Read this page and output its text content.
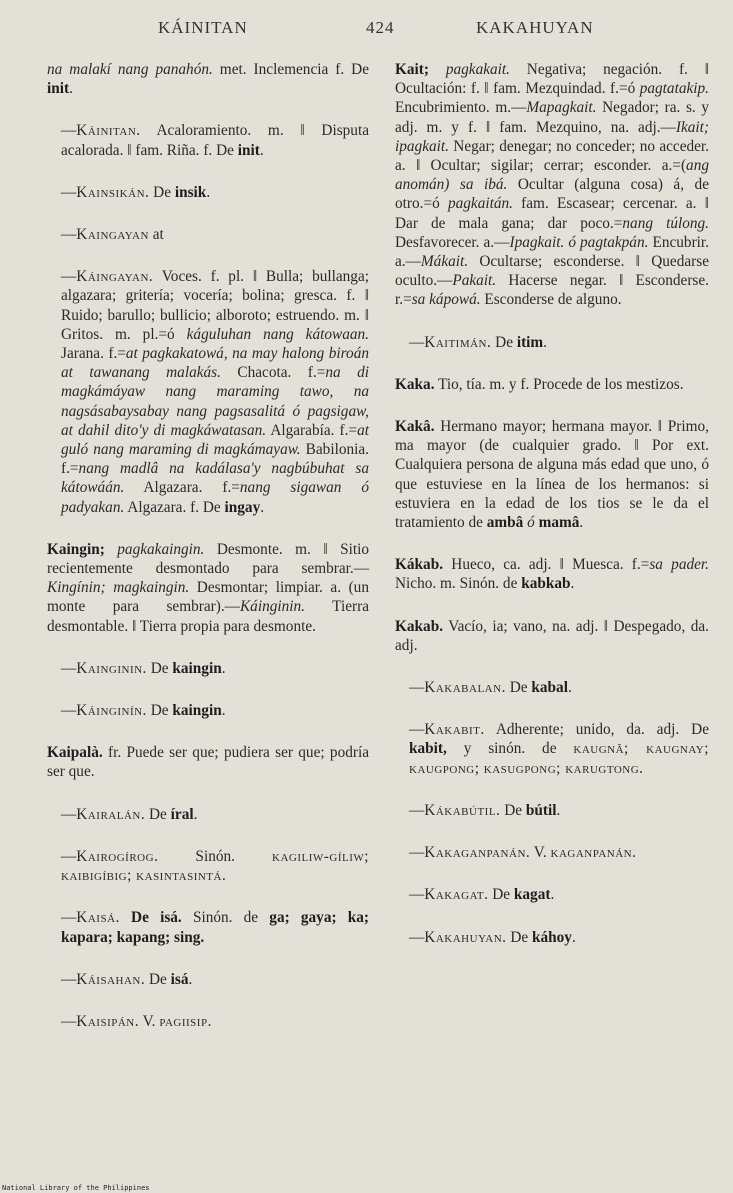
KÁINITAN	424	KAKAHUYAN

na malakí nang panahón. met. Inclemencia f. De init.

—Káinitan. Acaloramiento. m. ‖ Disputa acalorada. ‖ fam. Riña. f. De init.

—Kainsikán. De insik.

—Kaingayan at

—Káingayan. Voces. f. pl. ‖ Bulla; bullanga; algazara; gritería; vocería; bolina; gresca. f. ‖ Ruido; barullo; bullicio; alboroto; estruendo. m. ‖ Gritos. m. pl.=ó káguluhan nang kátowaan. Jarana. f.=at pagkakatowá, na may halong biroán at tawanang malakás. Chacota. f.=na di magkámáyaw nang maraming tawo, na nagsásabaysabay nang pagsasalitá ó pagsigaw, at dahil dito'y di magkáwatasan. Algarabía. f.=at guló nang maraming di magkámayaw. Babilonia. f.=nang madlâ na kadálasa'y nagbúbuhat sa kátowáán. Algazara. f.=nang sigawan ó padyakan. Algazara. f. De ingay.

Kaingin; pagkakaingin. Desmonte. m. ‖ Sitio recientemente desmontado para sembrar.—Kingínin; magkaingin. Desmontar; limpiar. a. (un monte para sembrar).—Káinginin. Tierra desmontable. ‖ Tierra propia para desmonte.

—Kainginin. De kaingin.

—Káinginín. De kaingin.

Kaipalà. fr. Puede ser que; pudiera ser que; podría ser que.

—Kairalán. De íral.

—Kairogírog. Sinón. kagiliw-gíliw; kaibigíbig; kasintasintá.

—Kaisá. De isá. Sinón. de ga; gaya; ka; kapara; kapang; sing.

—Káisahan. De isá.

—Kaisipán. V. pagiisip.

Kait; pagkakait. Negativa; negación. f. ‖ Ocultación: f. ‖ fam. Mezquindad. f.=ó pagtatakip. Encubrimiento. m.—Mapagkait. Negador; ra. s. y adj. m. y f. ‖ fam. Mezquino, na. adj.—Ikait; ipagkait. Negar; denegar; no conceder; no acceder. a. ‖ Ocultar; sigilar; cerrar; esconder. a.=(ang anomán) sa ibá. Ocultar (alguna cosa) á, de otro.=ó pagkaitán. fam. Escasear; cercenar. a. ‖ Dar de mala gana; dar poco.=nang túlong. Desfavorecer. a.—Ipagkait. ó pagtakpán. Encubrir. a.—Mákait. Ocultarse; esconderse. ‖ Quedarse oculto.—Pakait. Hacerse negar. ‖ Esconderse. r.=sa kápowá. Esconderse de alguno.

—Kaitimán. De itim.

Kaka. Tio, tía. m. y f. Procede de los mestizos.

Kakâ. Hermano mayor; hermana mayor. ‖ Primo, ma mayor (de cualquier grado. ‖ Por ext. Cualquiera persona de alguna más edad que uno, ó que estuviese en la línea de los hermanos: si estuviera en la edad de los tios se le da el tratamiento de ambâ ó mamâ.

Kákab. Hueco, ca. adj. ‖ Muesca. f.=sa pader. Nicho. m. Sinón. de kabkab.

Kakab. Vacío, ia; vano, na. adj. ‖ Despegado, da. adj.

—Kakabalan. De kabal.

—Kakabit. Adherente; unido, da. adj. De kabit, y sinón. de kaugnâ; kaugnay; kaugpong; kasugpong; karugtong.

—Kákabútil. De bútil.

—Kakaganpanán. V. kaganpanán.

—Kakagat. De kagat.

—Kakahuyan. De káhoy.

National Library of the Philippines
